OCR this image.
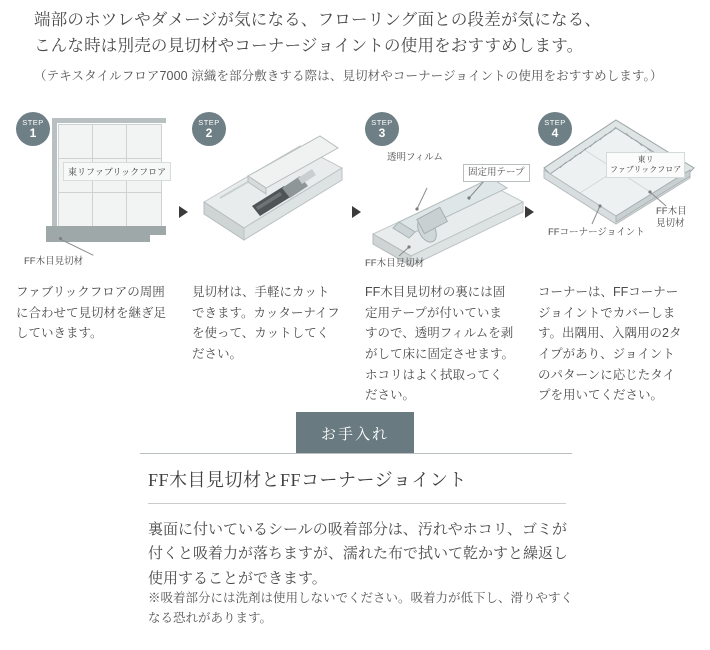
端部のホツレやダメージが気になる、フローリング面との段差が気になる、
こんな時は別売の見切材やコーナージョイントの使用をおすすめします。
（テキスタイルフロア7000 涼織を部分敷きする際は、見切材やコーナージョイントの使用をおすすめします。）
STEP
1
東リファブリックフロア
FF木目見切材
ファブリックフロアの周囲に合わせて見切材を継ぎ足していきます。
STEP
2
見切材は、手軽にカットできます。カッターナイフを使って、カットしてください。
STEP
3
透明フィルム
固定用テープ
FF木目見切材
FF木目見切材の裏には固定用テープが付いていますので、透明フィルムを剥がして床に固定させます。ホコリはよく拭取ってください。
STEP
4
東リ
ファブリックフロア
FFコーナージョイント
FF木目
見切材
コーナーは、FFコーナージョイントでカバーします。出隅用、入隅用の2タイプがあり、ジョイントのパターンに応じたタイプを用いてください。
お手入れ
FF木目見切材とFFコーナージョイント
裏面に付いているシールの吸着部分は、汚れやホコリ、ゴミが付くと吸着力が落ちますが、濡れた布で拭いて乾かすと繰返し使用することができます。
※吸着部分には洗剤は使用しないでください。吸着力が低下し、滑りやすくなる恐れがあります。
